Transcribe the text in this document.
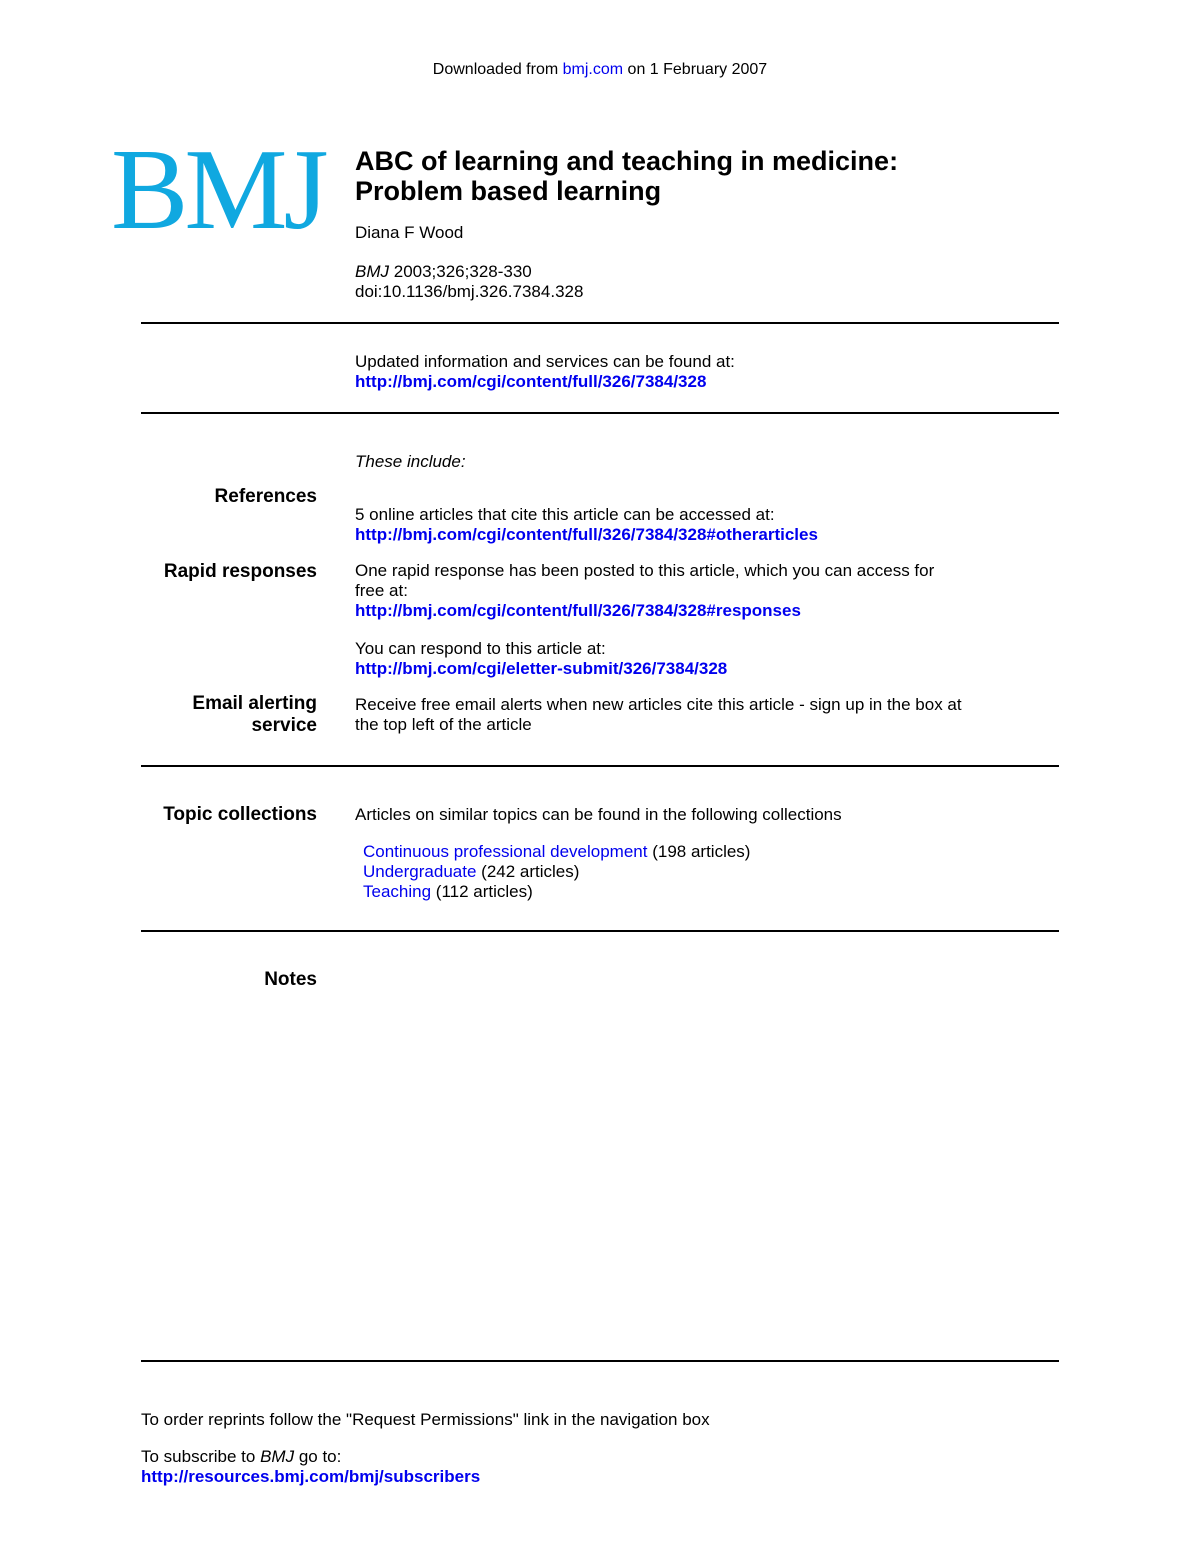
Downloaded from bmj.com on 1 February 2007
BMJ ABC of learning and teaching in medicine:
Problem based learning
Diana F Wood
BMJ 2003;326;328-330
doi:10.1136/bmj.326.7384.328
Updated information and services can be found at:
http://bmj.com/cgi/content/full/326/7384/328
These include:
References
5 online articles that cite this article can be accessed at:
http://bmj.com/cgi/content/full/326/7384/328#otherarticles
Rapid responses One rapid response has been posted to this article, which you can access for
free at:
http://bmj.com/cgi/content/full/326/7384/328#responses
You can respond to this article at:
http://bmj.com/cgi/eletter-submit/326/7384/328
Email alerting
service
Receive free email alerts when new articles cite this article - sign up in the box at
the top left of the article
Topic collections Articles on similar topics can be found in the following collections
Continuous professional development (198 articles)
Undergraduate (242 articles)
Teaching (112 articles)
Notes
To order reprints follow the "Request Permissions" link in the navigation box
To subscribe to BMJ go to:
http://resources.bmj.com/bmj/subscribers
